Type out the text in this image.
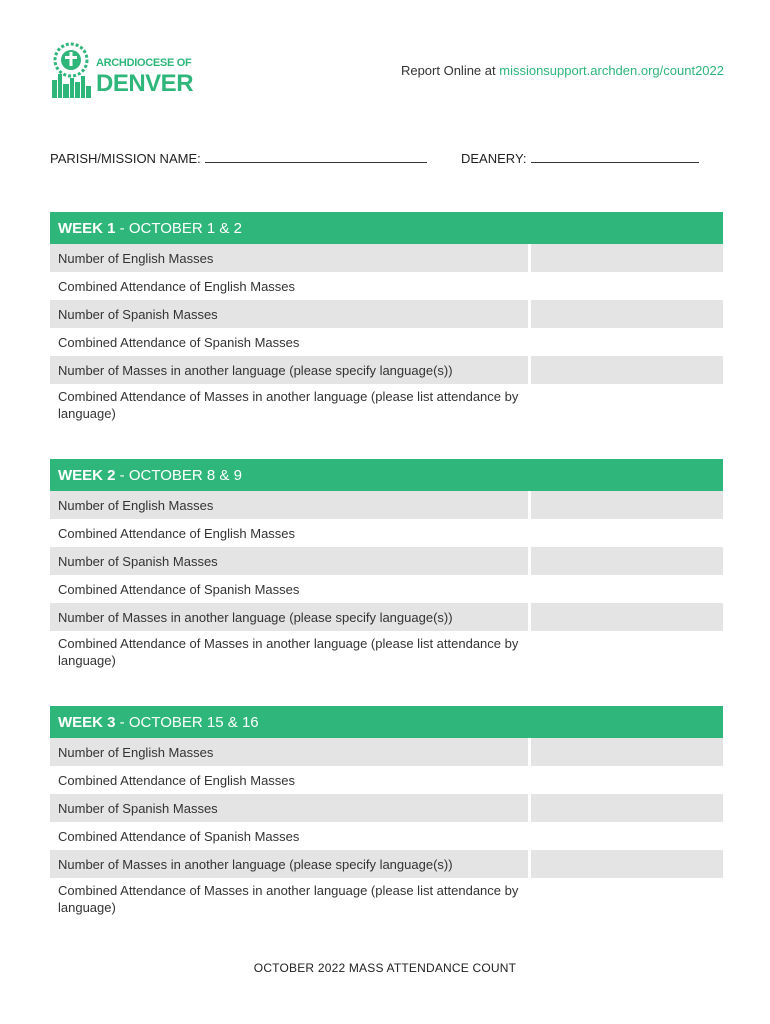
ARCHDIOCESE OF
DENVER	Report Online at missionsupport.archden.org/count2022
PARISH/MISSION NAME:	DEANERY:
WEEK 1 - OCTOBER 1 & 2
Number of English Masses
Combined Attendance of English Masses
Number of Spanish Masses
Combined Attendance of Spanish Masses
Number of Masses in another language (please specify language(s))
Combined Attendance of Masses in another language (please list attendance by language)
WEEK 2 - OCTOBER 8 & 9
Number of English Masses
Combined Attendance of English Masses
Number of Spanish Masses
Combined Attendance of Spanish Masses
Number of Masses in another language (please specify language(s))
Combined Attendance of Masses in another language (please list attendance by language)
WEEK 3 - OCTOBER 15 & 16
Number of English Masses
Combined Attendance of English Masses
Number of Spanish Masses
Combined Attendance of Spanish Masses
Number of Masses in another language (please specify language(s))
Combined Attendance of Masses in another language (please list attendance by language)
OCTOBER 2022 MASS ATTENDANCE COUNT
